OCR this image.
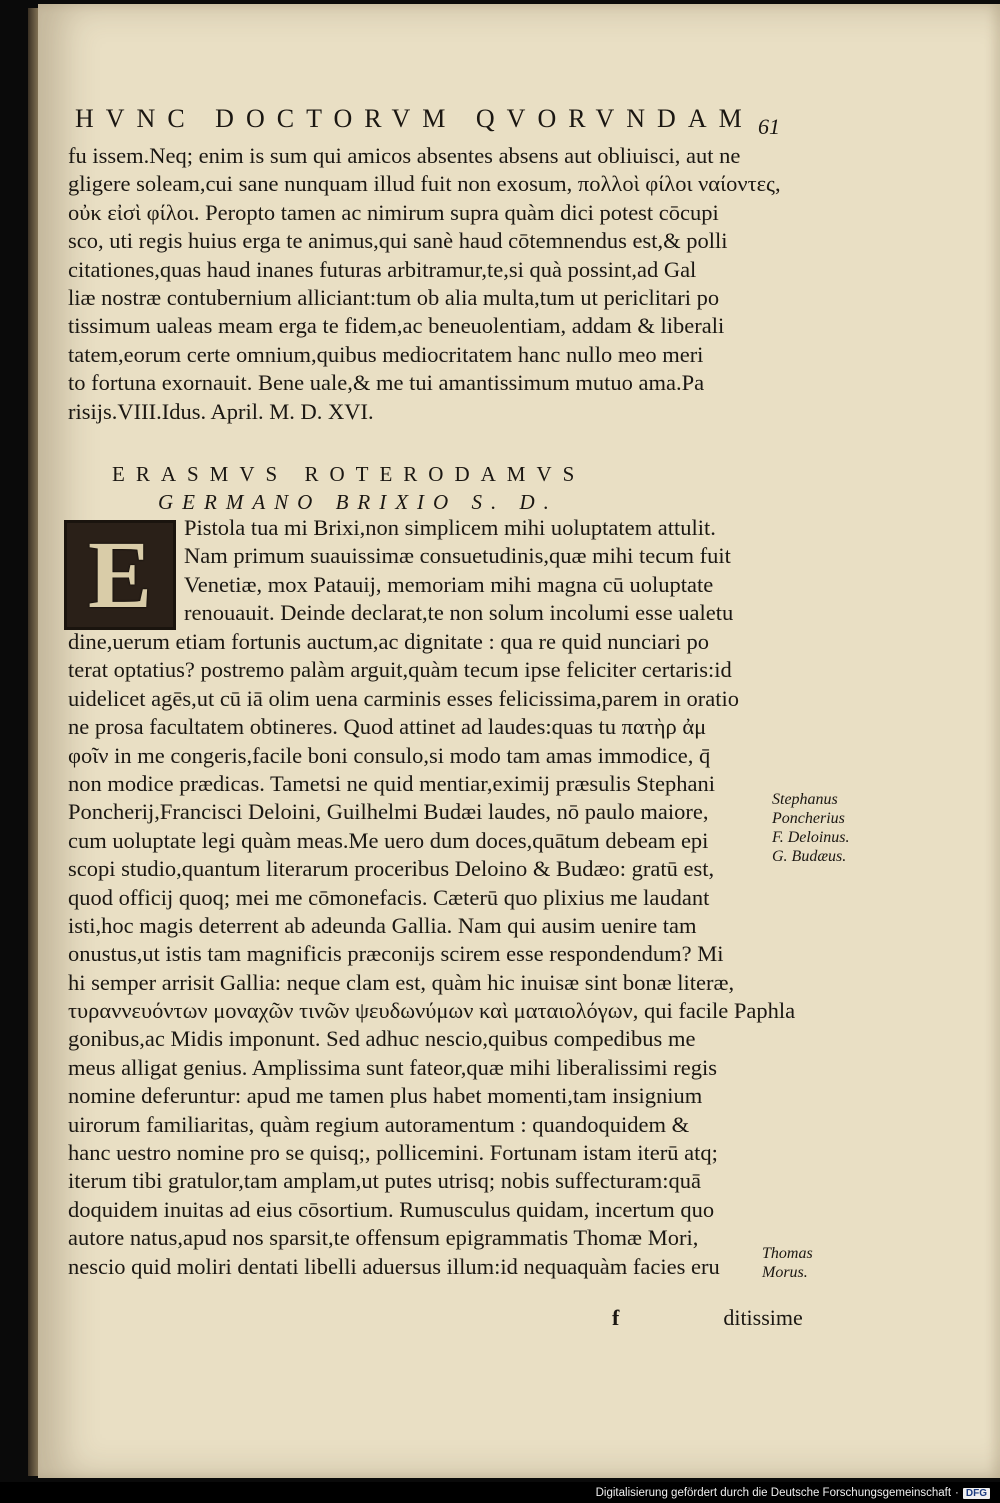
HVNC DOCTORVM QVORVNDAM 61
fu issem.Neq; enim is sum qui amicos absentes absens aut obliuisci, aut ne
gligere soleam,cui sane nunquam illud fuit non exosum, πολλοὶ φίλοι ναίοντες,
οὐκ εἰσὶ φίλοι. Peropto tamen ac nimirum supra quàm dici potest cōcupi
sco, uti regis huius erga te animus,qui sanè haud cōtemnendus est,& polli
citationes,quas haud inanes futuras arbitramur,te,si quà possint,ad Gal
liæ nostræ contubernium alliciant:tum ob alia multa,tum ut periclitari po
tissimum ualeas meam erga te fidem,ac beneuolentiam, addam & liberali
tatem,eorum certe omnium,quibus mediocritatem hanc nullo meo meri
to fortuna exornauit. Bene uale,& me tui amantissimum mutuo ama.Pa
risijs.VIII.Idus. April. M. D. XVI.
ERASMVS ROTERODAMVS
GERMANO BRIXIO S. D.
E Pistola tua mi Brixi,non simplicem mihi uoluptatem attulit.
Nam primum suauissimæ consuetudinis,quæ mihi tecum fuit
Venetiæ, mox Patauij, memoriam mihi magna cū uoluptate
renouauit. Deinde declarat,te non solum incolumi esse ualetu
dine,uerum etiam fortunis auctum,ac dignitate : qua re quid nunciari po
terat optatius? postremo palàm arguit,quàm tecum ipse feliciter certaris:id
uidelicet agēs,ut cū iā olim uena carminis esses felicissima,parem in oratio
ne prosa facultatem obtineres. Quod attinet ad laudes:quas tu πατὴρ ἀμ
φοῖν in me congeris,facile boni consulo,si modo tam amas immodice, q̄
non modice prædicas. Tametsi ne quid mentiar,eximij præsulis Stephani
Poncherij,Francisci Deloini, Guilhelmi Budæi laudes, nō paulo maiore,
cum uoluptate legi quàm meas.Me uero dum doces,quātum debeam epi
scopi studio,quantum literarum proceribus Deloino & Budæo: gratū est,
quod officij quoq; mei me cōmonefacis. Cæterū quo plixius me laudant
isti,hoc magis deterrent ab adeunda Gallia. Nam qui ausim uenire tam
onustus,ut istis tam magnificis præconijs scirem esse respondendum? Mi
hi semper arrisit Gallia: neque clam est, quàm hic inuisæ sint bonæ literæ,
τυραννευόντων μοναχῶν τινῶν ψευδωνύμων καὶ ματαιολόγων, qui facile Paphla
gonibus,ac Midis imponunt. Sed adhuc nescio,quibus compedibus me
meus alligat genius. Amplissima sunt fateor,quæ mihi liberalissimi regis
nomine deferuntur: apud me tamen plus habet momenti,tam insignium
uirorum familiaritas, quàm regium autoramentum : quandoquidem &
hanc uestro nomine pro se quisq;, pollicemini. Fortunam istam iterū atq;
iterum tibi gratulor,tam amplam,ut putes utrisq; nobis suffecturam:quā
doquidem inuitas ad eius cōsortium. Rumusculus quidam, incertum quo
autore natus,apud nos sparsit,te offensum epigrammatis Thomæ Mori,
nescio quid moliri dentati libelli aduersus illum:id nequaquàm facies eru
Stephanus
Poncherius
F. Deloinus.
G. Budæus.
Thomas
Morus.
f	ditissime
Digitalisierung gefördert durch die Deutsche Forschungsgemeinschaft · DFG
